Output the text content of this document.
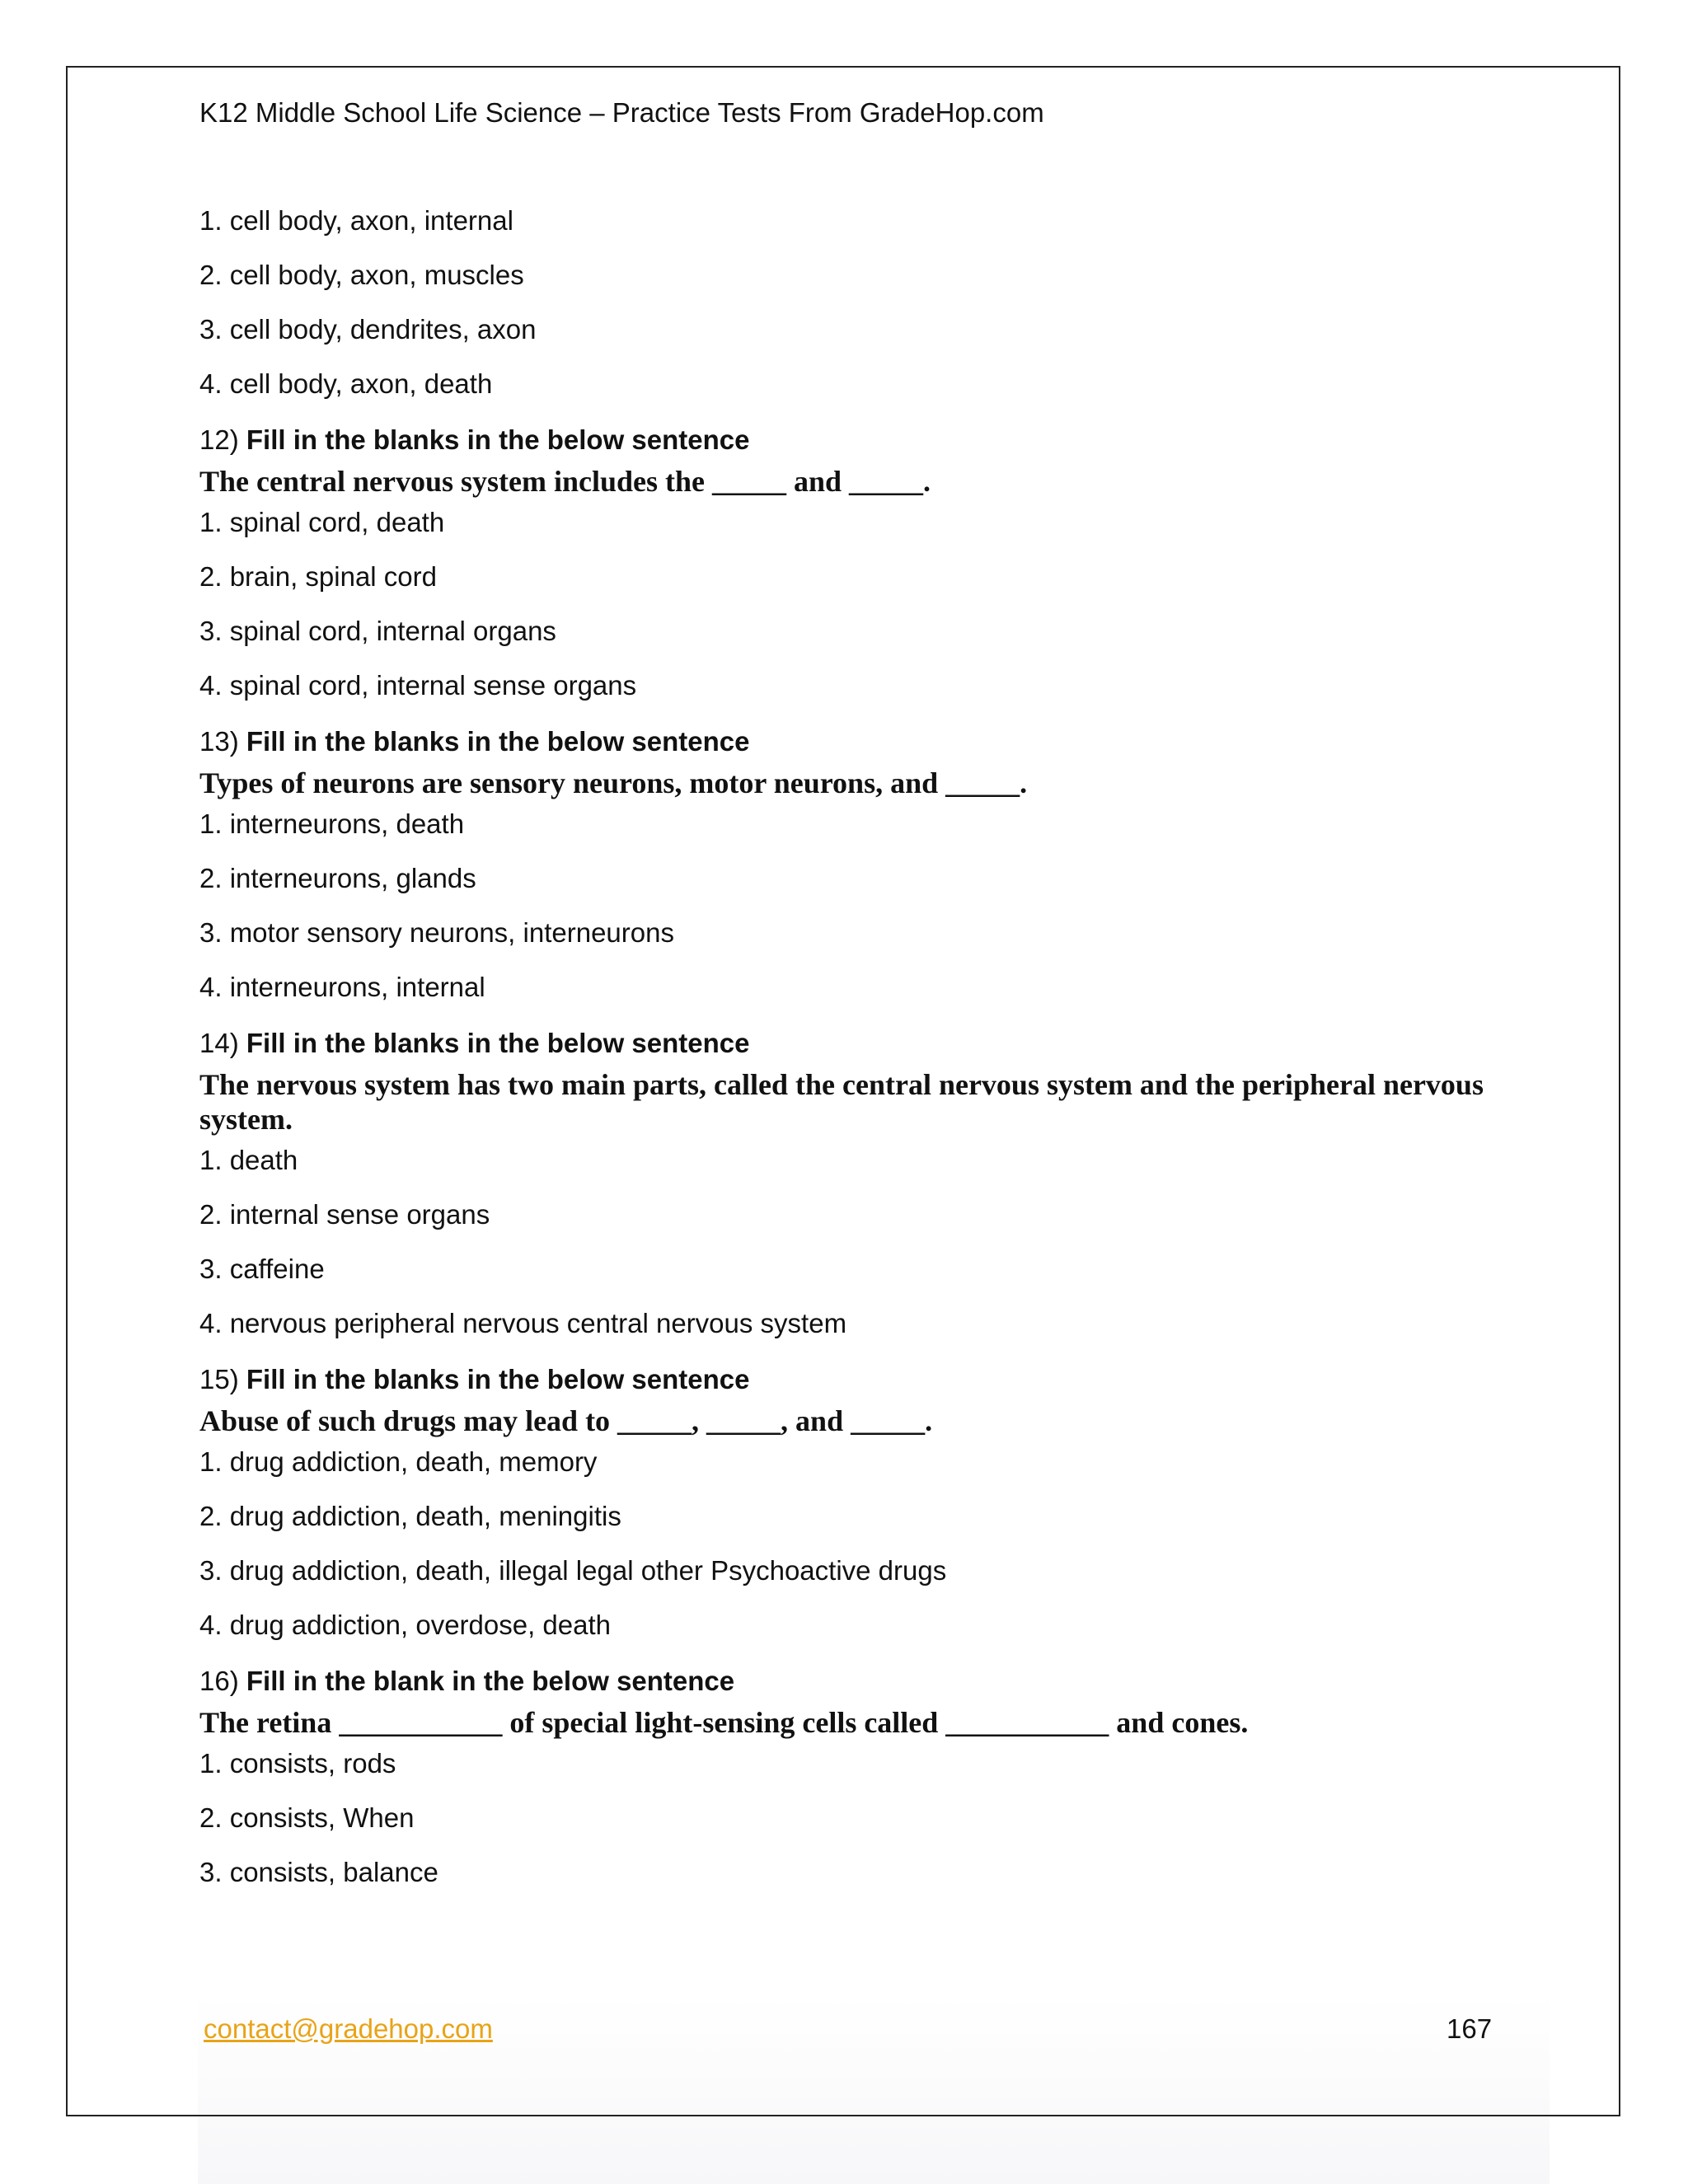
K12 Middle School Life Science – Practice Tests From GradeHop.com
1. cell body, axon, internal
2. cell body, axon, muscles
3. cell body, dendrites, axon
4. cell body, axon, death
12) Fill in the blanks in the below sentence
The central nervous system includes the _____ and _____.
1. spinal cord, death
2. brain, spinal cord
3. spinal cord, internal organs
4. spinal cord, internal sense organs
13) Fill in the blanks in the below sentence
Types of neurons are sensory neurons, motor neurons, and _____.
1. interneurons, death
2. interneurons, glands
3. motor sensory neurons, interneurons
4. interneurons, internal
14) Fill in the blanks in the below sentence
The nervous system has two main parts, called the central nervous system and the peripheral nervous system.
1. death
2. internal sense organs
3. caffeine
4. nervous peripheral nervous central nervous system
15) Fill in the blanks in the below sentence
Abuse of such drugs may lead to _____, _____, and _____.
1. drug addiction, death, memory
2. drug addiction, death, meningitis
3. drug addiction, death, illegal legal other Psychoactive drugs
4. drug addiction, overdose, death
16) Fill in the blank in the below sentence
The retina ___________ of special light-sensing cells called ___________ and cones.
1. consists, rods
2. consists, When
3. consists, balance
contact@gradehop.com	167
